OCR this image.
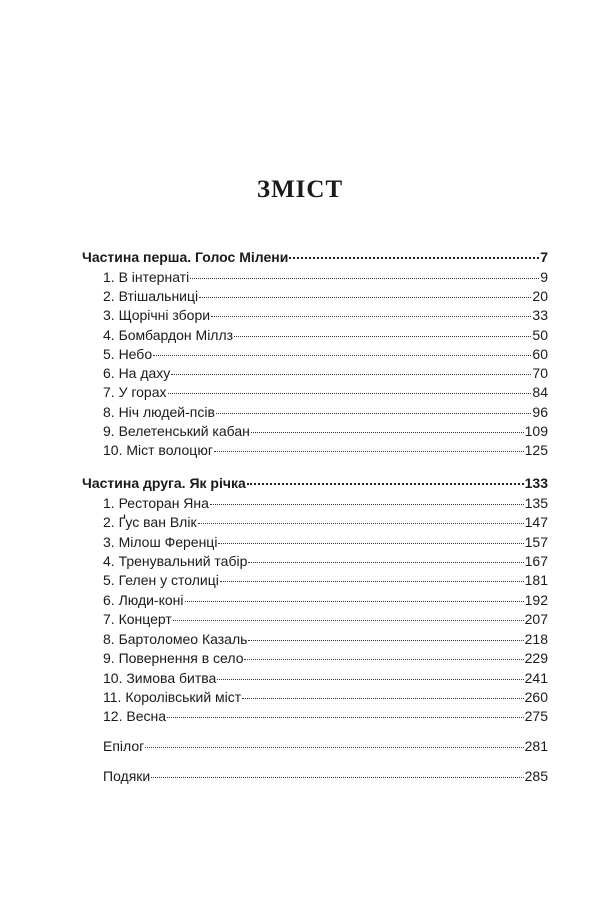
ЗМІСТ
Частина перша. Голос Мілени	7
1. В інтернаті	9
2. Втішальниці	20
3. Щорічні збори	33
4. Бомбардон Міллз	50
5. Небо	60
6. На даху	70
7. У горах	84
8. Ніч людей-псів	96
9. Велетенський кабан	109
10. Міст волоцюг	125
Частина друга. Як річка	133
1. Ресторан Яна	135
2. Ґус ван Влік	147
3. Мілош Ференці	157
4. Тренувальний табір	167
5. Гелен у столиці	181
6. Люди-коні	192
7. Концерт	207
8. Бартоломео Казаль	218
9. Повернення в село	229
10. Зимова битва	241
11. Королівський міст	260
12. Весна	275
Епілог	281
Подяки	285
